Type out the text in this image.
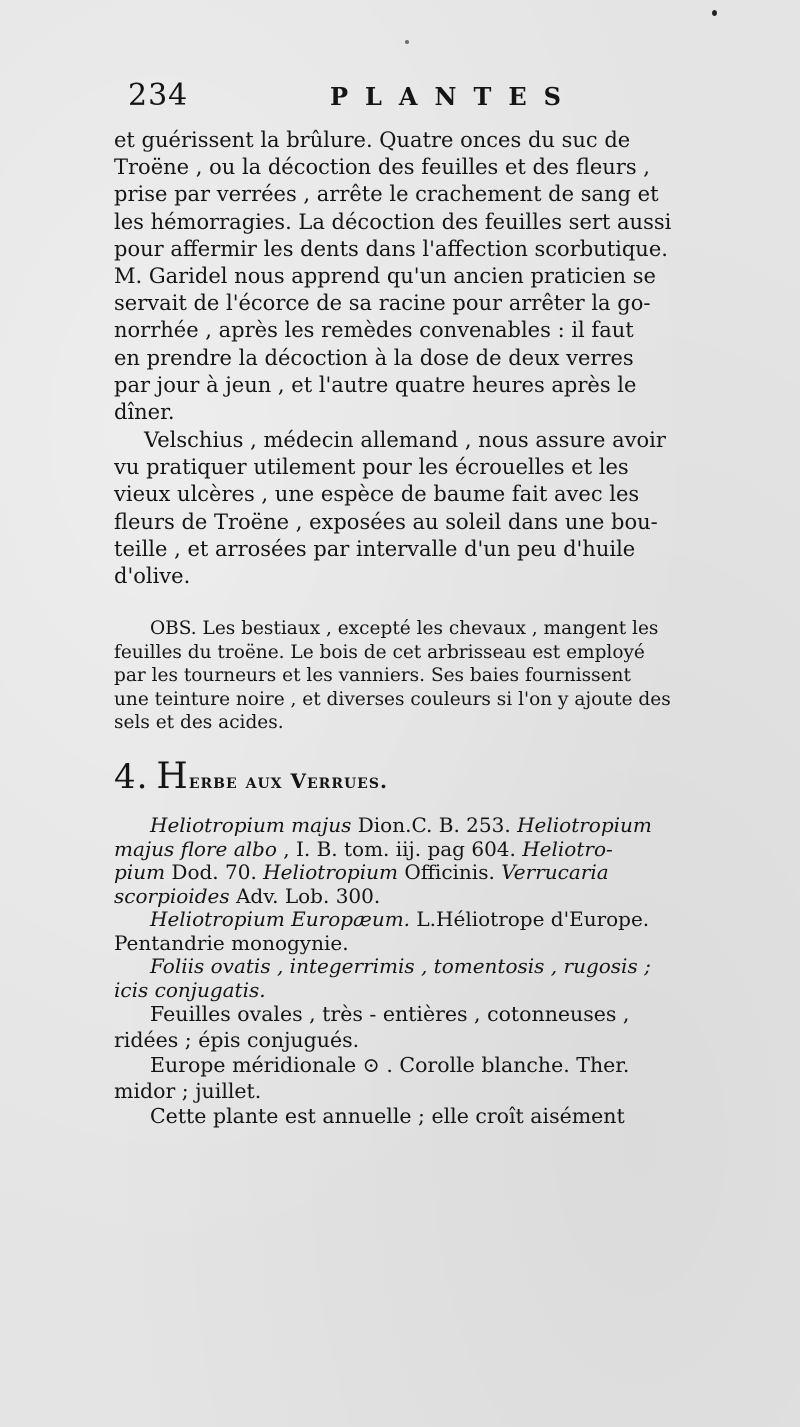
234	PLANTES
et guérissent la brûlure. Quatre onces du suc de
Troëne , ou la décoction des feuilles et des fleurs ,
prise par verrées , arrête le crachement de sang et
les hémorragies. La décoction des feuilles sert aussi
pour affermir les dents dans l'affection scorbutique.
M. Garidel nous apprend qu'un ancien praticien se
servait de l'écorce de sa racine pour arrêter la go-
norrhée , après les remèdes convenables : il faut
en prendre la décoction à la dose de deux verres
par jour à jeun , et l'autre quatre heures après le
dîner.
Velschius , médecin allemand , nous assure avoir
vu pratiquer utilement pour les écrouelles et les
vieux ulcères , une espèce de baume fait avec les
fleurs de Troëne , exposées au soleil dans une bou-
teille , et arrosées par intervalle d'un peu d'huile
d'olive.
OBS. Les bestiaux , excepté les chevaux , mangent les
feuilles du troëne. Le bois de cet arbrisseau est employé
par les tourneurs et les vanniers. Ses baies fournissent
une teinture noire , et diverses couleurs si l'on y ajoute des
sels et des acides.
4. Herbe aux Verrues.
Heliotropium majus Dion.C. B. 253. Heliotropium
majus flore albo , I. B. tom. iij. pag 604. Heliotro-
pium Dod. 70. Heliotropium Officinis. Verrucaria
scorpioides Adv. Lob. 300.
Heliotropium Europæum. L.Héliotrope d'Europe.
Pentandrie monogynie.
Foliis ovatis , integerrimis , tomentosis , rugosis ;
icis conjugatis.
Feuilles ovales , très - entières , cotonneuses ,
ridées ; épis conjugués.
Europe méridionale ⊙ . Corolle blanche. Ther.
midor ; juillet.
Cette plante est annuelle ; elle croît aisément
